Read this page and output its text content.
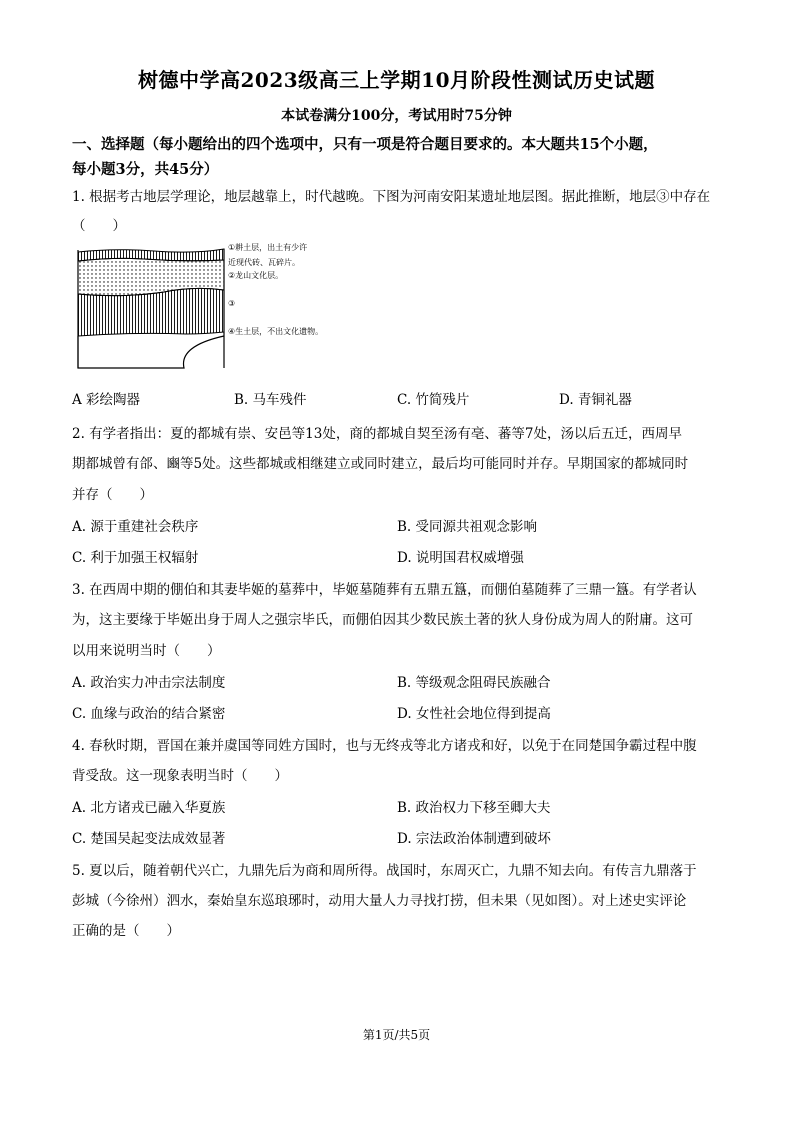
树德中学高2023级高三上学期10月阶段性测试历史试题
本试卷满分100分，考试用时75分钟
一、选择题（每小题给出的四个选项中，只有一项是符合题目要求的。本大题共15个小题，
每小题3分，共45分）
1. 根据考古地层学理论，地层越靠上，时代越晚。下图为河南安阳某遗址地层图。据此推断，地层③中存在
（　　）
①耕土层，出土有少许
近现代砖、瓦碎片。
②龙山文化层。
③
④生土层，不出文化遗物。
A 彩绘陶器	B. 马车残件	C. 竹简残片	D. 青铜礼器
2. 有学者指出：夏的都城有崇、安邑等13处，商的都城自契至汤有亳、蕃等7处，汤以后五迁，西周早
期都城曾有郃、豳等5处。这些都城或相继建立或同时建立，最后均可能同时并存。早期国家的都城同时
并存（　　）
A. 源于重建社会秩序	B. 受同源共祖观念影响
C. 利于加强王权辐射	D. 说明国君权威增强
3. 在西周中期的倗伯和其妻毕姬的墓葬中，毕姬墓随葬有五鼎五簋，而倗伯墓随葬了三鼎一簋。有学者认
为，这主要缘于毕姬出身于周人之强宗毕氏，而倗伯因其少数民族土著的狄人身份成为周人的附庸。这可
以用来说明当时（　　）
A. 政治实力冲击宗法制度	B. 等级观念阻碍民族融合
C. 血缘与政治的结合紧密	D. 女性社会地位得到提高
4. 春秋时期，晋国在兼并虞国等同姓方国时，也与无终戎等北方诸戎和好，以免于在同楚国争霸过程中腹
背受敌。这一现象表明当时（　　）
A. 北方诸戎已融入华夏族	B. 政治权力下移至卿大夫
C. 楚国吴起变法成效显著	D. 宗法政治体制遭到破坏
5. 夏以后，随着朝代兴亡，九鼎先后为商和周所得。战国时，东周灭亡，九鼎不知去向。有传言九鼎落于
彭城（今徐州）泗水，秦始皇东巡琅琊时，动用大量人力寻找打捞，但未果（见如图）。对上述史实评论
正确的是（　　）
第1页/共5页
